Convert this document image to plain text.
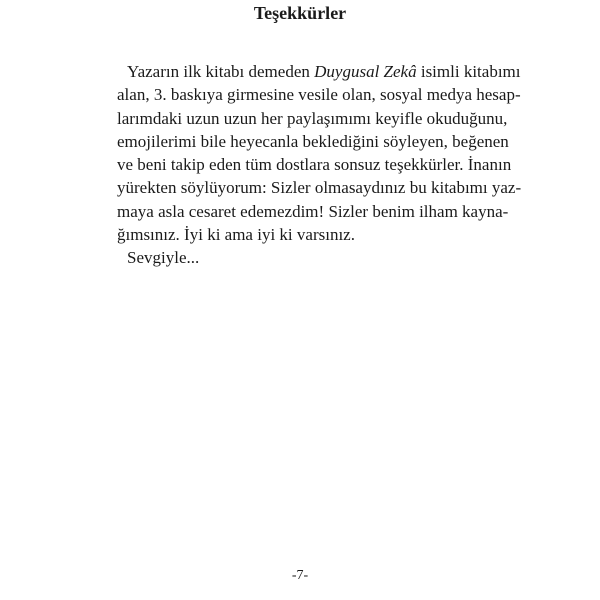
Teşekkürler
Yazarın ilk kitabı demeden Duygusal Zekâ isimli kitabımı
alan, 3. baskıya girmesine vesile olan, sosyal medya hesap-
larımdaki uzun uzun her paylaşımımı keyifle okuduğunu,
emojilerimi bile heyecanla beklediğini söyleyen, beğenen
ve beni takip eden tüm dostlara sonsuz teşekkürler. İnanın
yürekten söylüyorum: Sizler olmasaydınız bu kitabımı yaz-
maya asla cesaret edemezdim! Sizler benim ilham kayna-
ğımsınız. İyi ki ama iyi ki varsınız.
Sevgiyle...
-7-
